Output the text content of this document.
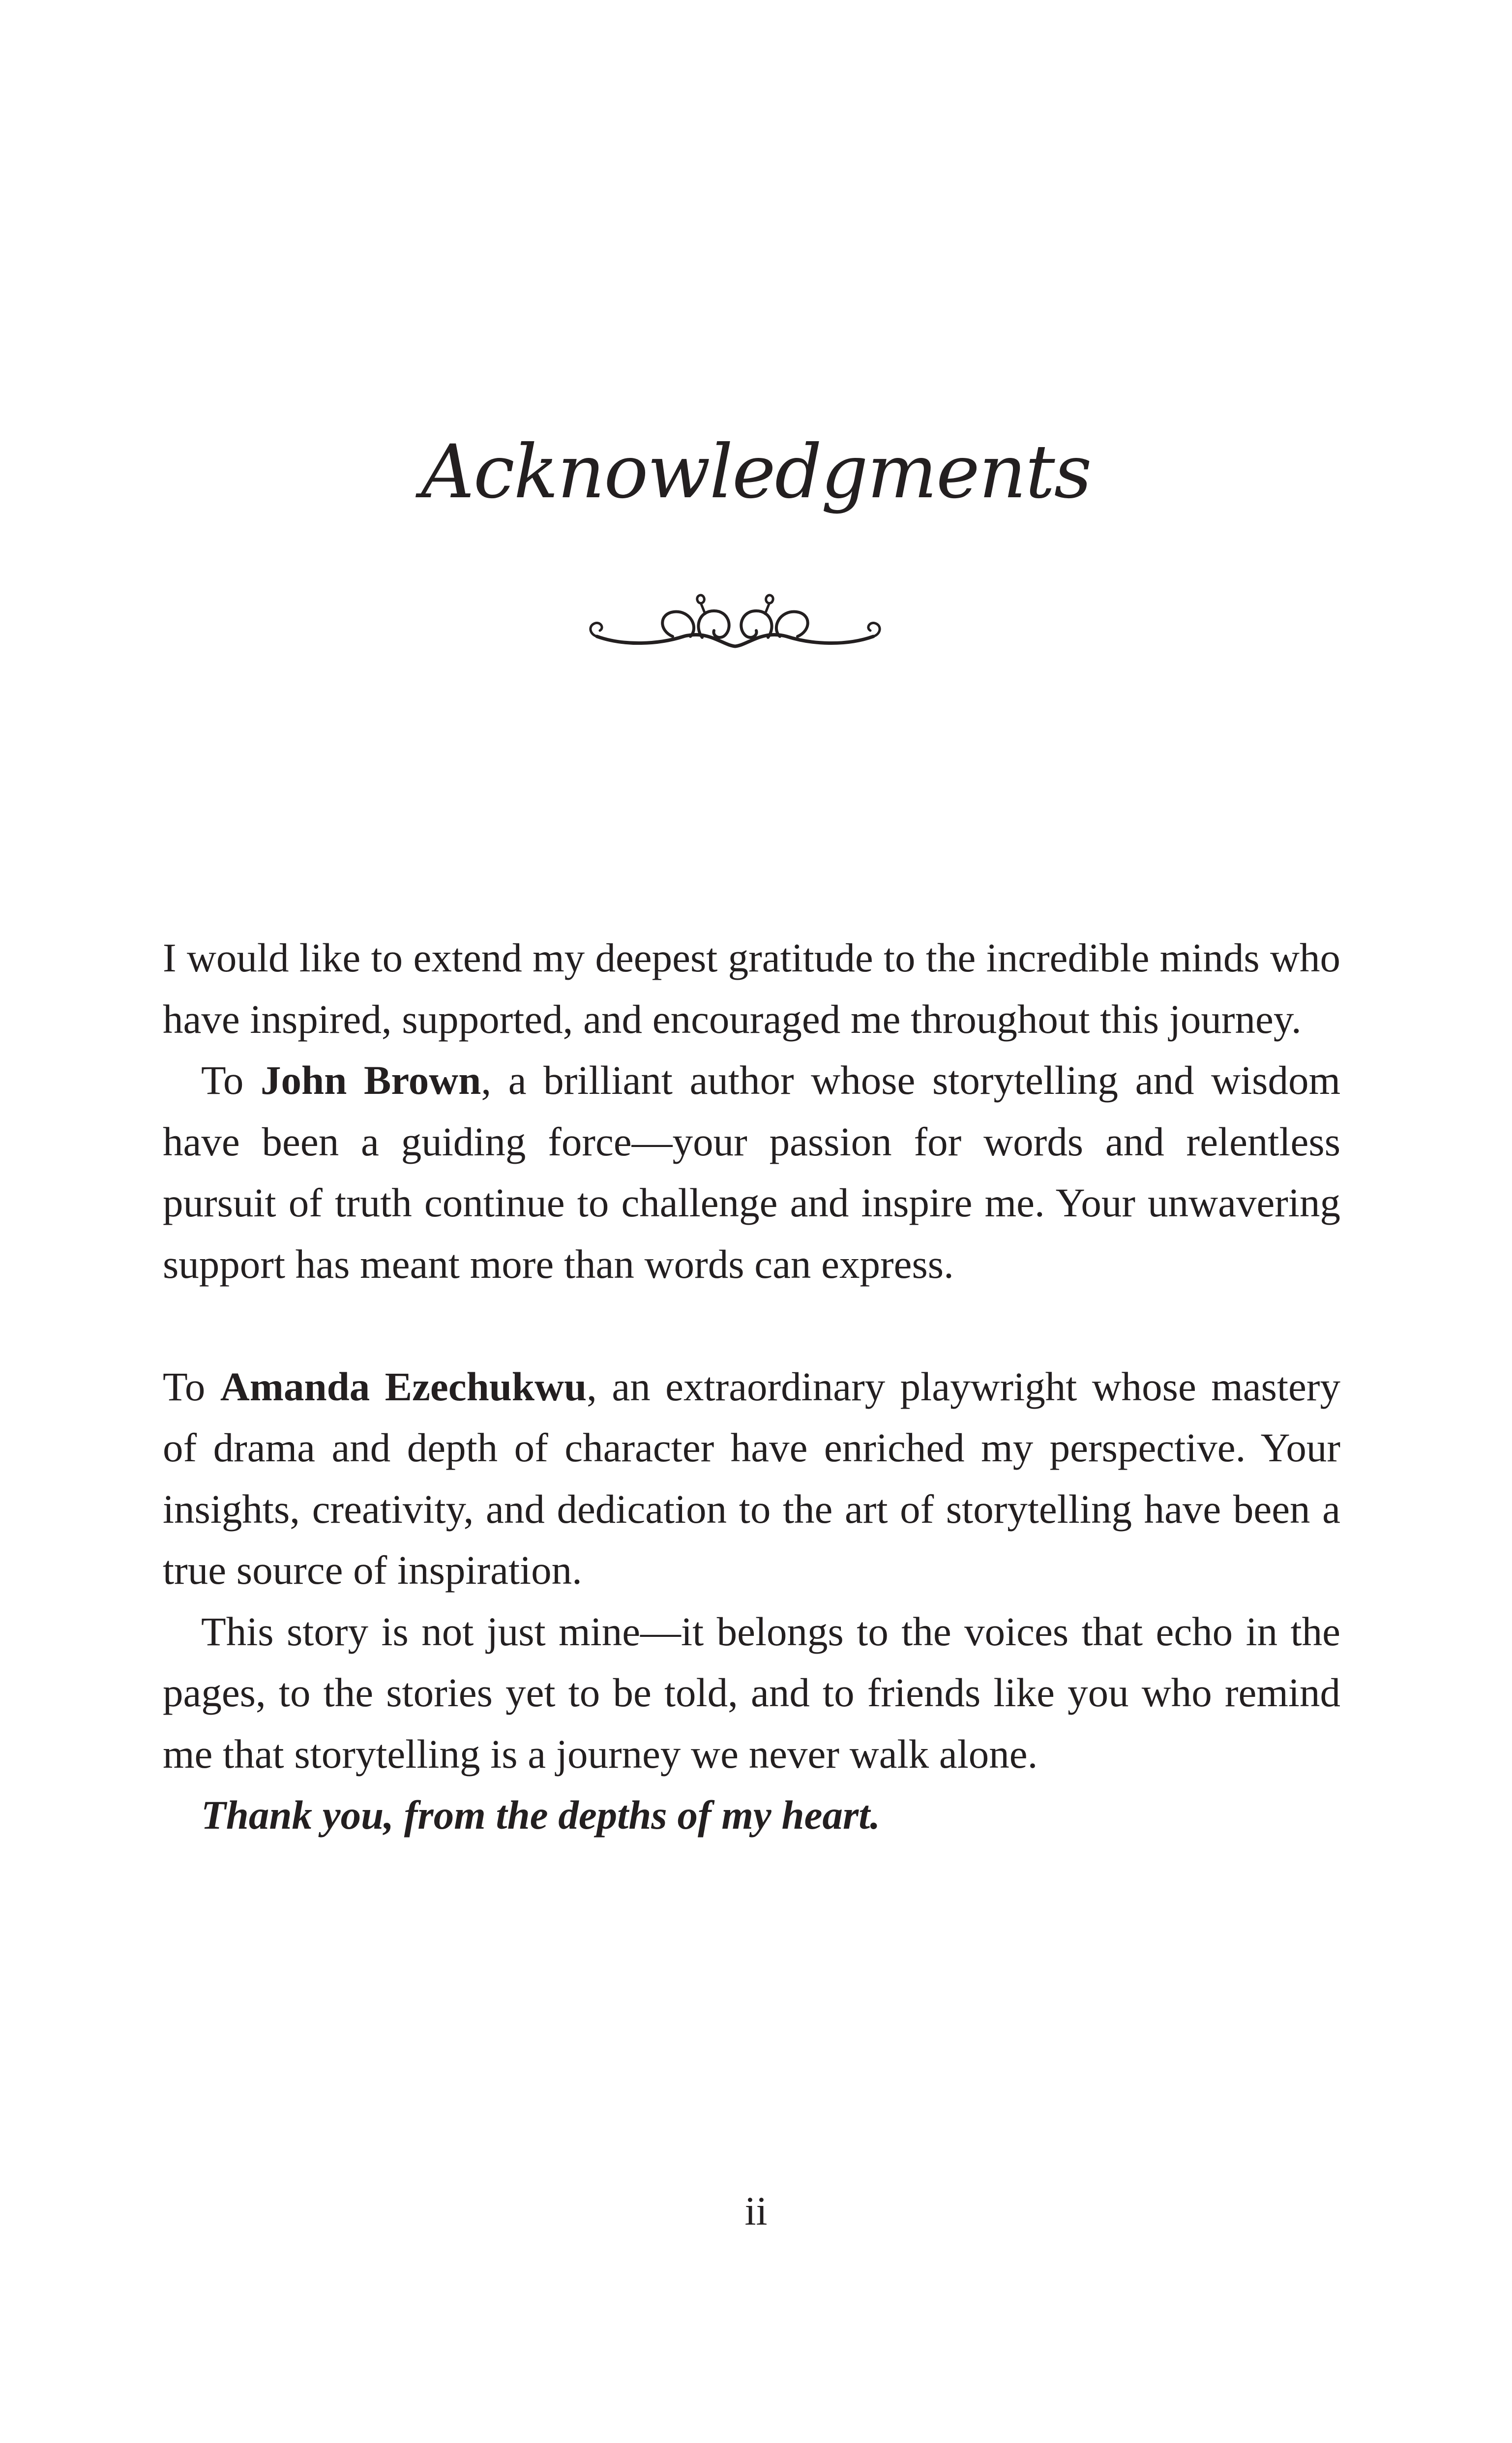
Acknowledgments

I would like to extend my deepest gratitude to the incredible minds who have inspired, supported, and encouraged me throughout this journey.

To John Brown, a brilliant author whose storytelling and wisdom have been a guiding force—your passion for words and relentless pursuit of truth continue to challenge and inspire me. Your unwavering support has meant more than words can express.

To Amanda Ezechukwu, an extraordinary playwright whose mastery of drama and depth of character have enriched my perspective. Your insights, creativity, and dedication to the art of storytelling have been a true source of inspiration.

This story is not just mine—it belongs to the voices that echo in the pages, to the stories yet to be told, and to friends like you who remind me that storytelling is a journey we never walk alone.

Thank you, from the depths of my heart.

ii
